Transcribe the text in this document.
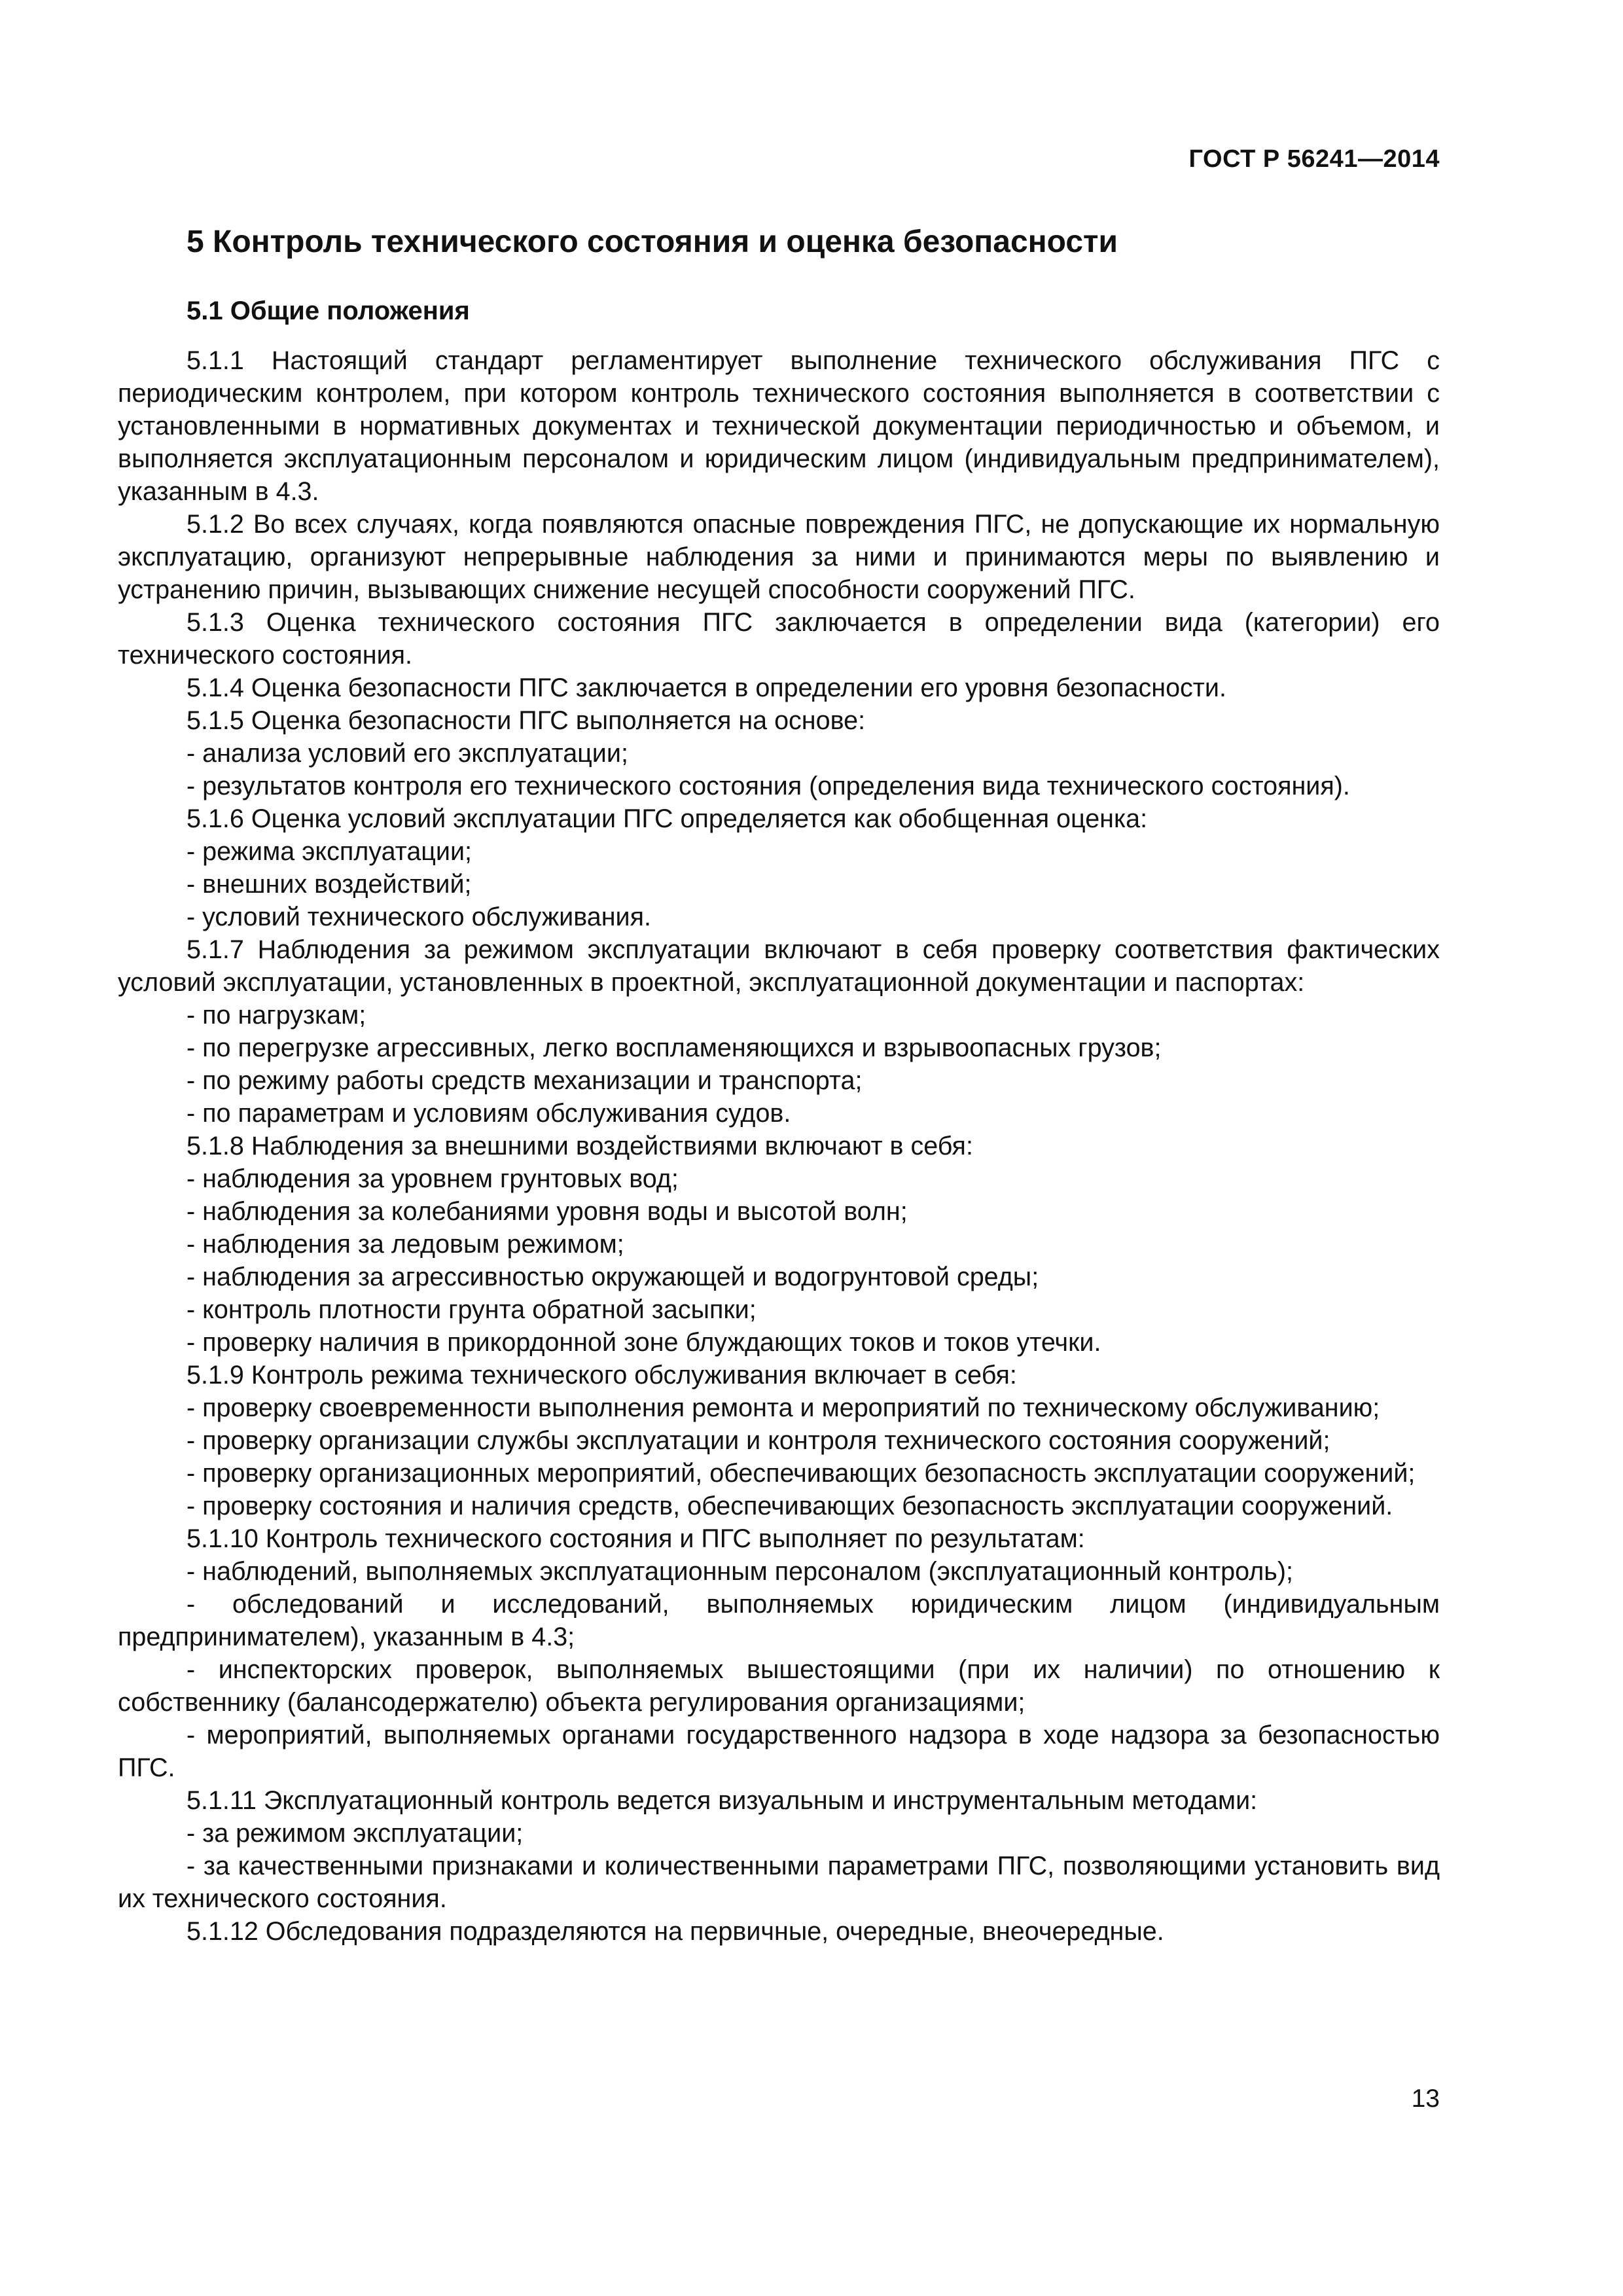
ГОСТ Р 56241—2014
5 Контроль технического состояния и оценка безопасности
5.1 Общие положения

5.1.1 Настоящий стандарт регламентирует выполнение технического обслуживания ПГС с периодическим контролем, при котором контроль технического состояния выполняется в соответствии с установленными в нормативных документах и технической документации периодичностью и объемом, и выполняется эксплуатационным персоналом и юридическим лицом (индивидуальным предпринимателем), указанным в 4.3.

5.1.2 Во всех случаях, когда появляются опасные повреждения ПГС, не допускающие их нормальную эксплуатацию, организуют непрерывные наблюдения за ними и принимаются меры по выявлению и устранению причин, вызывающих снижение несущей способности сооружений ПГС.

5.1.3 Оценка технического состояния ПГС заключается в определении вида (категории) его технического состояния.

5.1.4 Оценка безопасности ПГС заключается в определении его уровня безопасности.

5.1.5 Оценка безопасности ПГС выполняется на основе:

- анализа условий его эксплуатации;

- результатов контроля его технического состояния (определения вида технического состояния).

5.1.6 Оценка условий эксплуатации ПГС определяется как обобщенная оценка:

- режима эксплуатации;

- внешних воздействий;

- условий технического обслуживания.

5.1.7 Наблюдения за режимом эксплуатации включают в себя проверку соответствия фактических условий эксплуатации, установленных в проектной, эксплуатационной документации и паспортах:

- по нагрузкам;

- по перегрузке агрессивных, легко воспламеняющихся и взрывоопасных грузов;

- по режиму работы средств механизации и транспорта;

- по параметрам и условиям обслуживания судов.

5.1.8 Наблюдения за внешними воздействиями включают в себя:

- наблюдения за уровнем грунтовых вод;

- наблюдения за колебаниями уровня воды и высотой волн;

- наблюдения за ледовым режимом;

- наблюдения за агрессивностью окружающей и водогрунтовой среды;

- контроль плотности грунта обратной засыпки;

- проверку наличия в прикордонной зоне блуждающих токов и токов утечки.

5.1.9 Контроль режима технического обслуживания включает в себя:

- проверку своевременности выполнения ремонта и мероприятий по техническому обслуживанию;

- проверку организации службы эксплуатации и контроля технического состояния сооружений;

- проверку организационных мероприятий, обеспечивающих безопасность эксплуатации сооружений;

- проверку состояния и наличия средств, обеспечивающих безопасность эксплуатации сооружений.

5.1.10 Контроль технического состояния и ПГС выполняет по результатам:

- наблюдений, выполняемых эксплуатационным персоналом (эксплуатационный контроль);

- обследований и исследований, выполняемых юридическим лицом (индивидуальным предпринимателем), указанным в 4.3;

- инспекторских проверок, выполняемых вышестоящими (при их наличии) по отношению к собственнику (балансодержателю) объекта регулирования организациями;

- мероприятий, выполняемых органами государственного надзора в ходе надзора за безопасностью ПГС.

5.1.11 Эксплуатационный контроль ведется визуальным и инструментальным методами:

- за режимом эксплуатации;

- за качественными признаками и количественными параметрами ПГС, позволяющими установить вид их технического состояния.

5.1.12 Обследования подразделяются на первичные, очередные, внеочередные.

13
